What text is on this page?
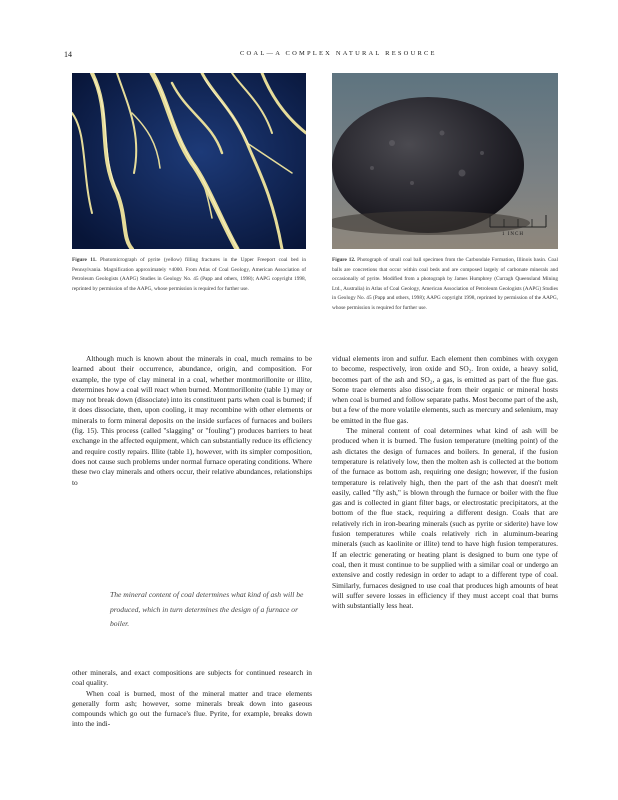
14	COAL—A COMPLEX NATURAL RESOURCE
1 INCH
Figure 11. Photomicrograph of pyrite (yellow) filling fractures in the Upper Freeport coal bed in Pennsylvania. Magnification approximately ×4000. From Atlas of Coal Geology, American Association of Petroleum Geologists (AAPG) Studies in Geology No. 45 (Papp and others, 1998); AAPG copyright 1998, reprinted by permission of the AAPG, whose permission is required for further use.
Figure 12. Photograph of small coal ball specimen from the Carbondale Formation, Illinois basin. Coal balls are concretions that occur within coal beds and are composed largely of carbonate minerals and occasionally of pyrite. Modified from a photograph by James Humphrey (Curragh Queensland Mining Ltd., Australia) in Atlas of Coal Geology, American Association of Petroleum Geologists (AAPG) Studies in Geology No. 45 (Papp and others, 1998); AAPG copyright 1998, reprinted by permission of the AAPG, whose permission is required for further use.

Although much is known about the minerals in coal, much remains to be learned about their occurrence, abundance, origin, and composition. For example, the type of clay mineral in a coal, whether montmorillonite or illite, determines how a coal will react when burned. Montmorillonite (table 1) may or may not break down (dissociate) into its constituent parts when coal is burned; if it does dissociate, then, upon cooling, it may recombine with other elements or minerals to form mineral deposits on the inside surfaces of furnaces and boilers (fig. 15). This process (called "slagging" or "fouling") produces barriers to heat exchange in the affected equipment, which can substantially reduce its efficiency and require costly repairs. Illite (table 1), however, with its simpler composition, does not cause such problems under normal furnace operating conditions. Where these two clay minerals and others occur, their relative abundances, relationships to

The mineral content of coal determines what kind of ash will be produced, which in turn determines the design of a furnace or boiler.

other minerals, and exact compositions are subjects for continued research in coal quality.

When coal is burned, most of the mineral matter and trace elements generally form ash; however, some minerals break down into gaseous compounds which go out the furnace's flue. Pyrite, for example, breaks down into the indi-

vidual elements iron and sulfur. Each element then combines with oxygen to become, respectively, iron oxide and SO₂. Iron oxide, a heavy solid, becomes part of the ash and SO₂, a gas, is emitted as part of the flue gas. Some trace elements also dissociate from their organic or mineral hosts when coal is burned and follow separate paths. Most become part of the ash, but a few of the more volatile elements, such as mercury and selenium, may be emitted in the flue gas.

The mineral content of coal determines what kind of ash will be produced when it is burned. The fusion temperature (melting point) of the ash dictates the design of furnaces and boilers. In general, if the fusion temperature is relatively low, then the molten ash is collected at the bottom of the furnace as bottom ash, requiring one design; however, if the fusion temperature is relatively high, then the part of the ash that doesn't melt easily, called "fly ash," is blown through the furnace or boiler with the flue gas and is collected in giant filter bags, or electrostatic precipitators, at the bottom of the flue stack, requiring a different design. Coals that are relatively rich in iron-bearing minerals (such as pyrite or siderite) have low fusion temperatures while coals relatively rich in aluminum-bearing minerals (such as kaolinite or illite) tend to have high fusion temperatures. If an electric generating or heating plant is designed to burn one type of coal, then it must continue to be supplied with a similar coal or undergo an extensive and costly redesign in order to adapt to a different type of coal. Similarly, furnaces designed to use coal that produces high amounts of heat will suffer severe losses in efficiency if they must accept coal that burns with substantially less heat.
